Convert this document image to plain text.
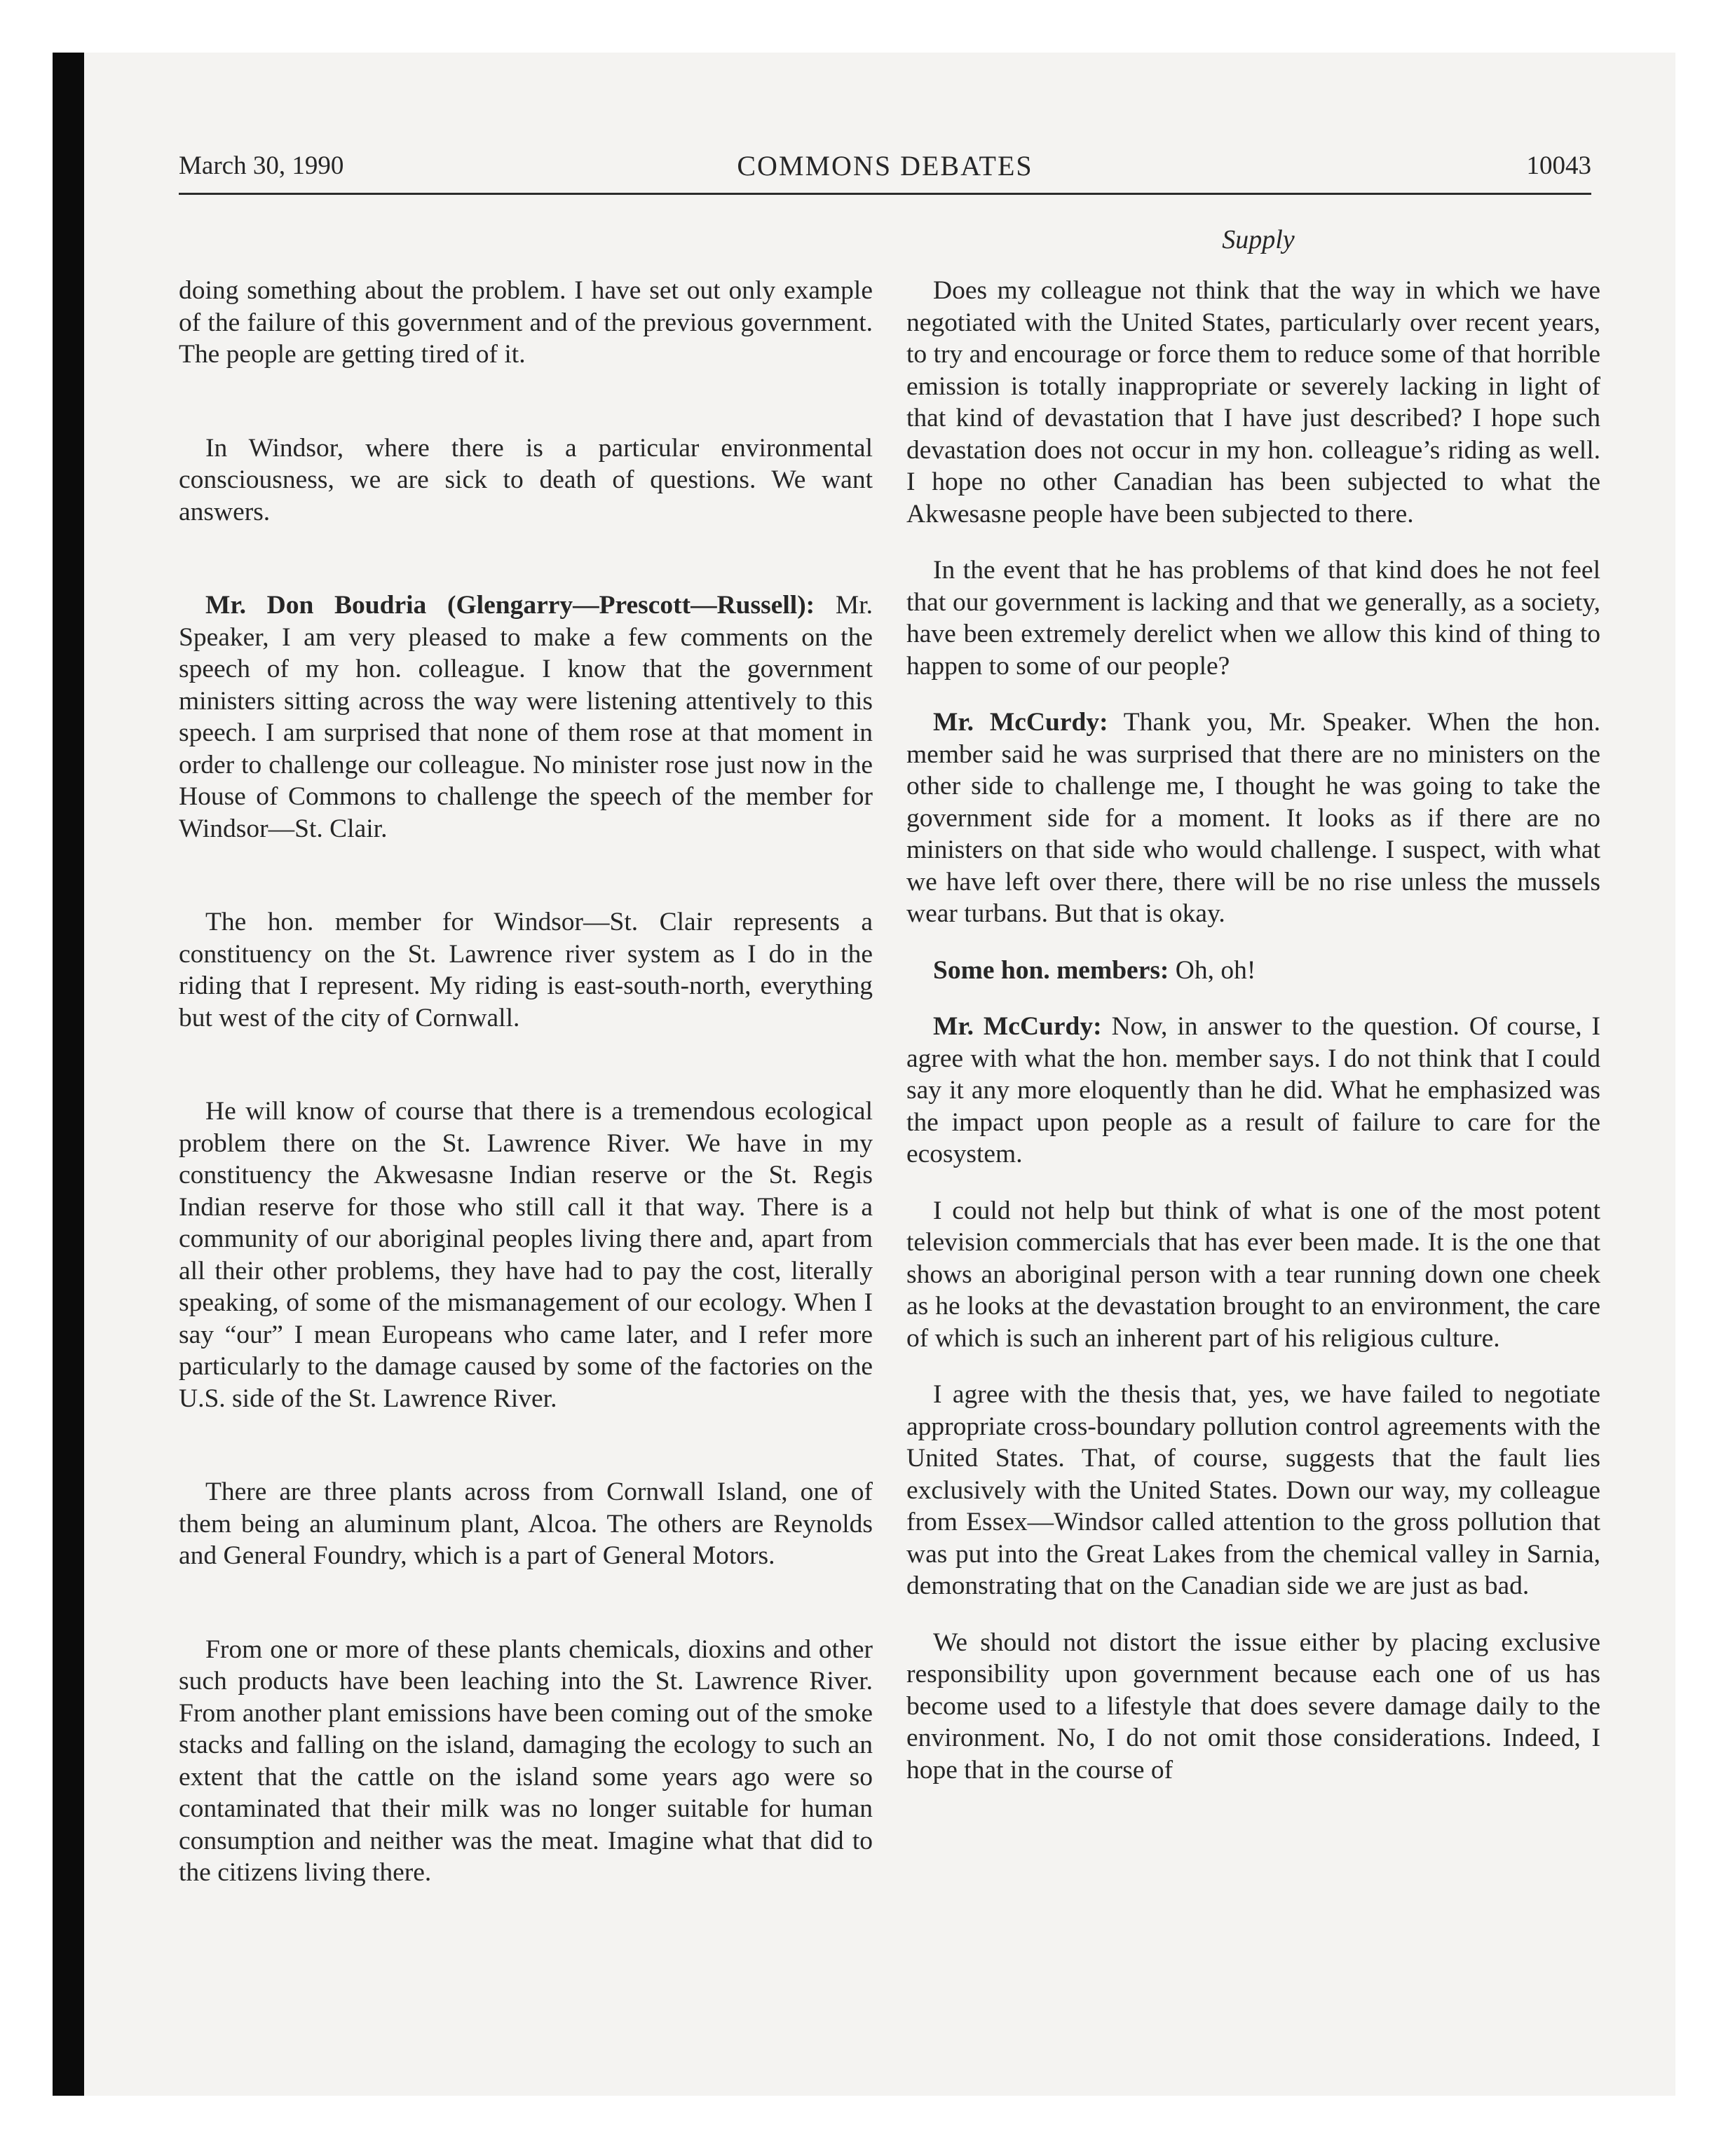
March 30, 1990	COMMONS DEBATES	10043
Supply

doing something about the problem. I have set out only example of the failure of this government and of the previous government. The people are getting tired of it.

In Windsor, where there is a particular environmental consciousness, we are sick to death of questions. We want answers.

Mr. Don Boudria (Glengarry—Prescott—Russell): Mr. Speaker, I am very pleased to make a few comments on the speech of my hon. colleague. I know that the government ministers sitting across the way were listening attentively to this speech. I am surprised that none of them rose at that moment in order to challenge our colleague. No minister rose just now in the House of Commons to challenge the speech of the member for Windsor—St. Clair.

The hon. member for Windsor—St. Clair represents a constituency on the St. Lawrence river system as I do in the riding that I represent. My riding is east-south-north, everything but west of the city of Cornwall.

He will know of course that there is a tremendous ecological problem there on the St. Lawrence River. We have in my constituency the Akwesasne Indian reserve or the St. Regis Indian reserve for those who still call it that way. There is a community of our aboriginal peoples living there and, apart from all their other problems, they have had to pay the cost, literally speaking, of some of the mismanagement of our ecology. When I say “our” I mean Europeans who came later, and I refer more particularly to the damage caused by some of the factories on the U.S. side of the St. Lawrence River.

There are three plants across from Cornwall Island, one of them being an aluminum plant, Alcoa. The others are Reynolds and General Foundry, which is a part of General Motors.

From one or more of these plants chemicals, dioxins and other such products have been leaching into the St. Lawrence River. From another plant emissions have been coming out of the smoke stacks and falling on the island, damaging the ecology to such an extent that the cattle on the island some years ago were so contaminated that their milk was no longer suitable for human consumption and neither was the meat. Imagine what that did to the citizens living there.

Does my colleague not think that the way in which we have negotiated with the United States, particularly over recent years, to try and encourage or force them to reduce some of that horrible emission is totally inappropriate or severely lacking in light of that kind of devastation that I have just described? I hope such devastation does not occur in my hon. colleague’s riding as well. I hope no other Canadian has been subjected to what the Akwesasne people have been subjected to there.

In the event that he has problems of that kind does he not feel that our government is lacking and that we generally, as a society, have been extremely derelict when we allow this kind of thing to happen to some of our people?

Mr. McCurdy: Thank you, Mr. Speaker. When the hon. member said he was surprised that there are no ministers on the other side to challenge me, I thought he was going to take the government side for a moment. It looks as if there are no ministers on that side who would challenge. I suspect, with what we have left over there, there will be no rise unless the mussels wear turbans. But that is okay.

Some hon. members: Oh, oh!

Mr. McCurdy: Now, in answer to the question. Of course, I agree with what the hon. member says. I do not think that I could say it any more eloquently than he did. What he emphasized was the impact upon people as a result of failure to care for the ecosystem.

I could not help but think of what is one of the most potent television commercials that has ever been made. It is the one that shows an aboriginal person with a tear running down one cheek as he looks at the devastation brought to an environment, the care of which is such an inherent part of his religious culture.

I agree with the thesis that, yes, we have failed to negotiate appropriate cross-boundary pollution control agreements with the United States. That, of course, suggests that the fault lies exclusively with the United States. Down our way, my colleague from Essex—Windsor called attention to the gross pollution that was put into the Great Lakes from the chemical valley in Sarnia, demonstrating that on the Canadian side we are just as bad.

We should not distort the issue either by placing exclusive responsibility upon government because each one of us has become used to a lifestyle that does severe damage daily to the environment. No, I do not omit those considerations. Indeed, I hope that in the course of
